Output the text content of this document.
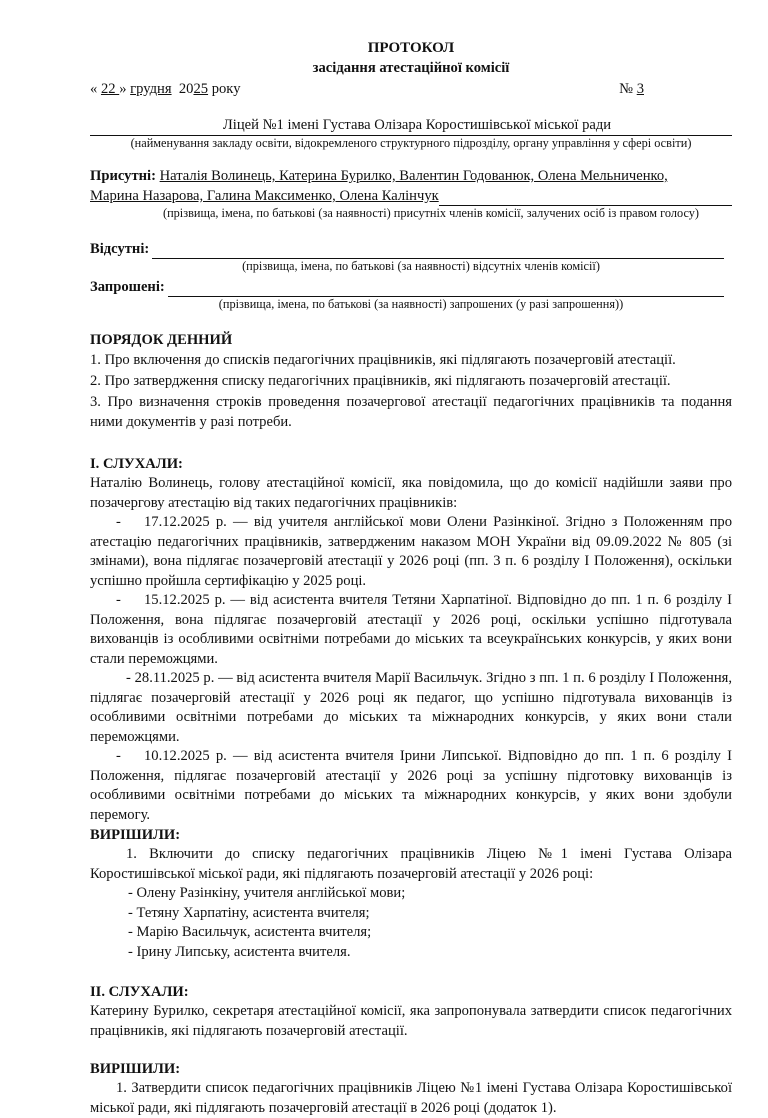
ПРОТОКОЛ

засідання атестаційної комісії

« 22 » грудня  2025 року	№ 3
Ліцей №1 імені Густава Олізара Коростишівської міської ради
(найменування закладу освіти, відокремленого структурного підрозділу, органу управління у сфері освіти)
Присутні: Наталія Волинець, Катерина Бурилко, Валентин Годованюк, Олена Мельниченко,
Марина Назарова, Галина Максименко, Олена Калінчук
(прізвища, імена, по батькові (за наявності) присутніх членів комісії, залучених осіб із правом голосу)
Відсутні:
(прізвища, імена, по батькові (за наявності) відсутніх членів комісії)
Запрошені:
(прізвища, імена, по батькові (за наявності) запрошених (у разі запрошення))
ПОРЯДОК ДЕННИЙ

1. Про включення до списків педагогічних працівників, які підлягають позачерговій атестації.

2. Про затвердження списку педагогічних працівників, які підлягають позачерговій атестації.

3. Про визначення строків проведення позачергової атестації педагогічних працівників та подання ними документів у разі потреби.

І. СЛУХАЛИ:

Наталію Волинець, голову атестаційної комісії, яка повідомила, що до комісії надійшли заяви про позачергову атестацію від таких педагогічних працівників:

- 17.12.2025 р. — від учителя англійської мови Олени Разінкіної. Згідно з Положенням про атестацію педагогічних працівників, затвердженим наказом МОН України від 09.09.2022 № 805 (зі змінами), вона підлягає позачерговій атестації у 2026 році (пп. 3 п. 6 розділу І Положення), оскільки успішно пройшла сертифікацію у 2025 році.

- 15.12.2025 р. — від асистента вчителя Тетяни Харпатіної. Відповідно до пп. 1 п. 6 розділу І Положення, вона підлягає позачерговій атестації у 2026 році, оскільки успішно підготувала вихованців із особливими освітніми потребами до міських та всеукраїнських конкурсів, у яких вони стали переможцями.

- 28.11.2025 р. — від асистента вчителя Марії Васильчук. Згідно з пп. 1 п. 6 розділу І Положення, підлягає позачерговій атестації у 2026 році як педагог, що успішно підготувала вихованців із особливими освітніми потребами до міських та міжнародних конкурсів, у яких вони стали переможцями.

- 10.12.2025 р. — від асистента вчителя Ірини Липської. Відповідно до пп. 1 п. 6 розділу І Положення, підлягає позачерговій атестації у 2026 році за успішну підготовку вихованців із особливими освітніми потребами до міських та міжнародних конкурсів, у яких вони здобули перемогу.

ВИРІШИЛИ:

1. Включити до списку педагогічних працівників Ліцею №1 імені Густава Олізара Коростишівської міської ради, які підлягають позачерговій атестації у 2026 році:

- Олену Разінкіну, учителя англійської мови;
- Тетяну Харпатіну, асистента вчителя;
- Марію Васильчук, асистента вчителя;
- Ірину Липську, асистента вчителя.
ІІ. СЛУХАЛИ:

Катерину Бурилко, секретаря атестаційної комісії, яка запропонувала затвердити список педагогічних працівників, які підлягають позачерговій атестації.

ВИРІШИЛИ:

1. Затвердити список педагогічних працівників Ліцею №1 імені Густава Олізара Коростишівської міської ради, які підлягають позачерговій атестації в 2026 році (додаток 1).
